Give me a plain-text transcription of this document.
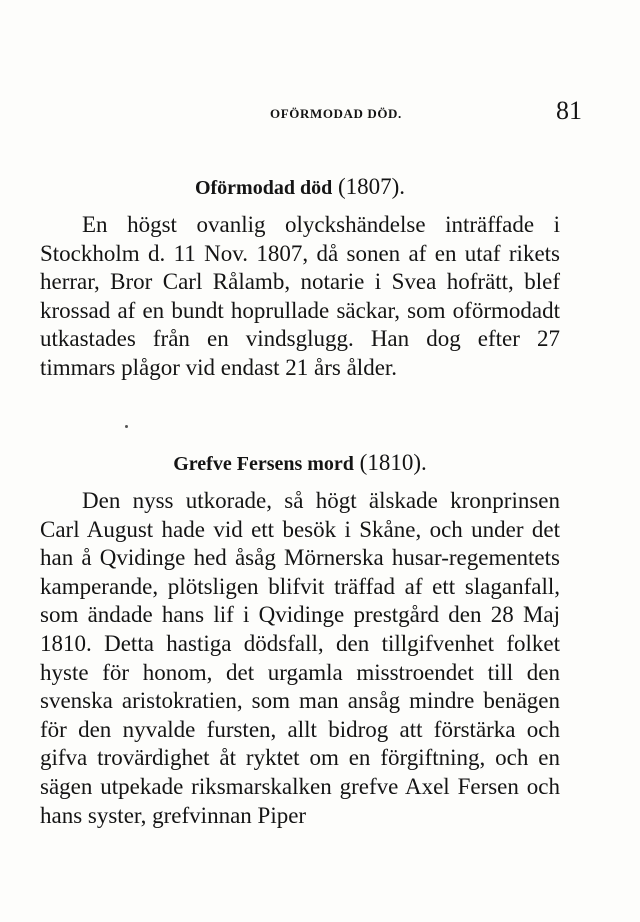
OFÖRMODAD DÖD.	81
Oförmodad död (1807).

En högst ovanlig olyckshändelse inträffade i Stockholm d. 11 Nov. 1807, då sonen af en utaf rikets herrar, Bror Carl Rålamb, notarie i Svea hofrätt, blef krossad af en bundt hoprullade säckar, som oförmodadt utkastades från en vindsglugg. Han dog efter 27 timmars plågor vid endast 21 års ålder.

Grefve Fersens mord (1810).

Den nyss utkorade, så högt älskade kronprinsen Carl August hade vid ett besök i Skåne, och under det han å Qvidinge hed åsåg Mörnerska husar-regementets kamperande, plötsligen blifvit träffad af ett slaganfall, som ändade hans lif i Qvidinge prestgård den 28 Maj 1810. Detta hastiga dödsfall, den tillgifvenhet folket hyste för honom, det urgamla misstroendet till den svenska aristokratien, som man ansåg mindre benägen för den nyvalde fursten, allt bidrog att förstärka och gifva trovärdighet åt ryktet om en förgiftning, och en sägen utpekade riksmarskalken grefve Axel Fersen och hans syster, grefvinnan Piper
